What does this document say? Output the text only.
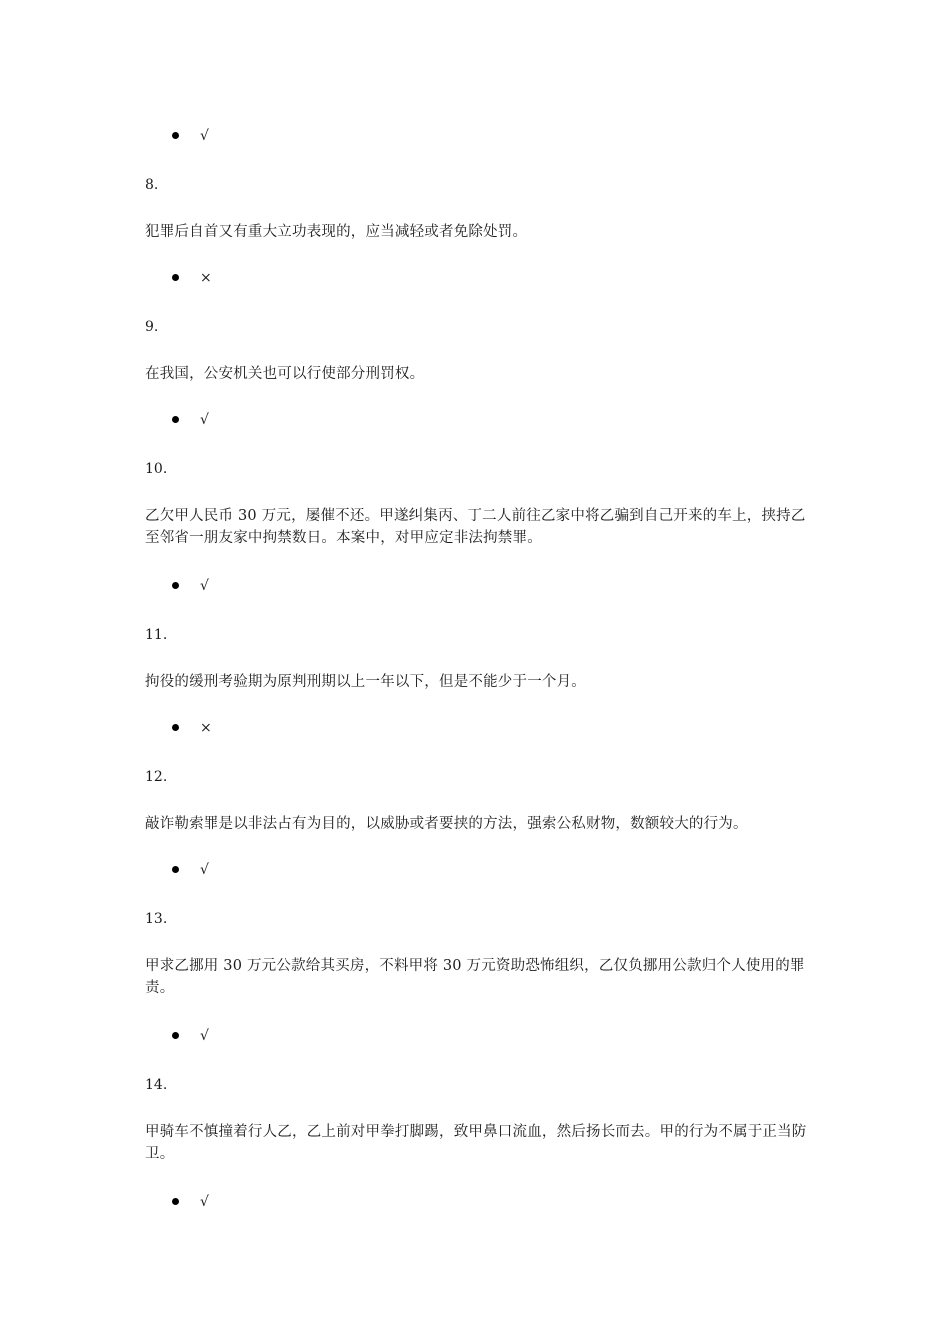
√
8.
犯罪后自首又有重大立功表现的，应当减轻或者免除处罚。
×
9.
在我国，公安机关也可以行使部分刑罚权。
√
10.
乙欠甲人民币 30 万元，屡催不还。甲遂纠集丙、丁二人前往乙家中将乙骗到自己开来的车上，挟持乙至邻省一朋友家中拘禁数日。本案中，对甲应定非法拘禁罪。
√
11.
拘役的缓刑考验期为原判刑期以上一年以下，但是不能少于一个月。
×
12.
敲诈勒索罪是以非法占有为目的，以威胁或者要挟的方法，强索公私财物，数额较大的行为。
√
13.
甲求乙挪用 30 万元公款给其买房，不料甲将 30 万元资助恐怖组织，乙仅负挪用公款归个人使用的罪责。
√
14.
甲骑车不慎撞着行人乙，乙上前对甲拳打脚踢，致甲鼻口流血，然后扬长而去。甲的行为不属于正当防卫。
√
